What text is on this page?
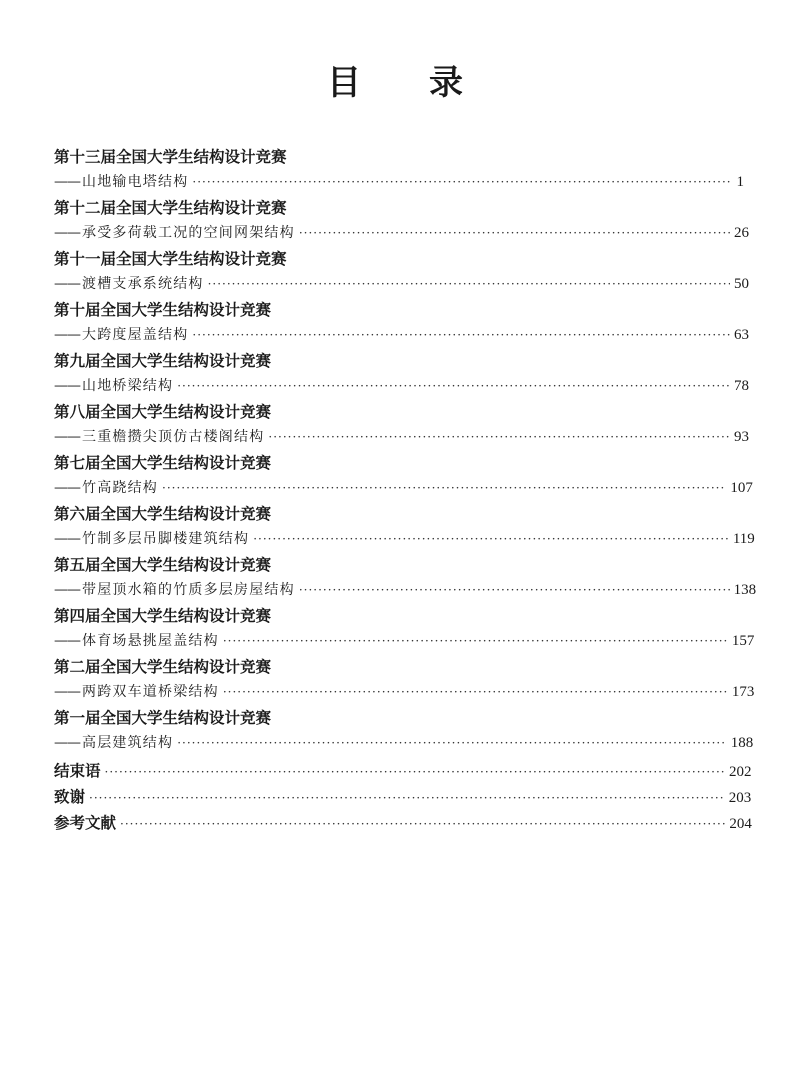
目 录
第十三届全国大学生结构设计竞赛
—— 山地输电塔结构 ·····	1
第十二届全国大学生结构设计竞赛
—— 承受多荷载工况的空间网架结构 ·····	26
第十一届全国大学生结构设计竞赛
—— 渡槽支承系统结构 ·····	50
第十届全国大学生结构设计竞赛
—— 大跨度屋盖结构 ·····	63
第九届全国大学生结构设计竞赛
—— 山地桥梁结构 ·····	78
第八届全国大学生结构设计竞赛
—— 三重檐攒尖顶仿古楼阁结构 ·····	93
第七届全国大学生结构设计竞赛
—— 竹高跷结构 ·····	107
第六届全国大学生结构设计竞赛
—— 竹制多层吊脚楼建筑结构 ·····	119
第五届全国大学生结构设计竞赛
—— 带屋顶水箱的竹质多层房屋结构 ·····	138
第四届全国大学生结构设计竞赛
—— 体育场悬挑屋盖结构 ·····	157
第二届全国大学生结构设计竞赛
—— 两跨双车道桥梁结构 ·····	173
第一届全国大学生结构设计竞赛
—— 高层建筑结构 ·····	188
结束语 ·····	202
致谢 ·····	203
参考文献 ·····	204
